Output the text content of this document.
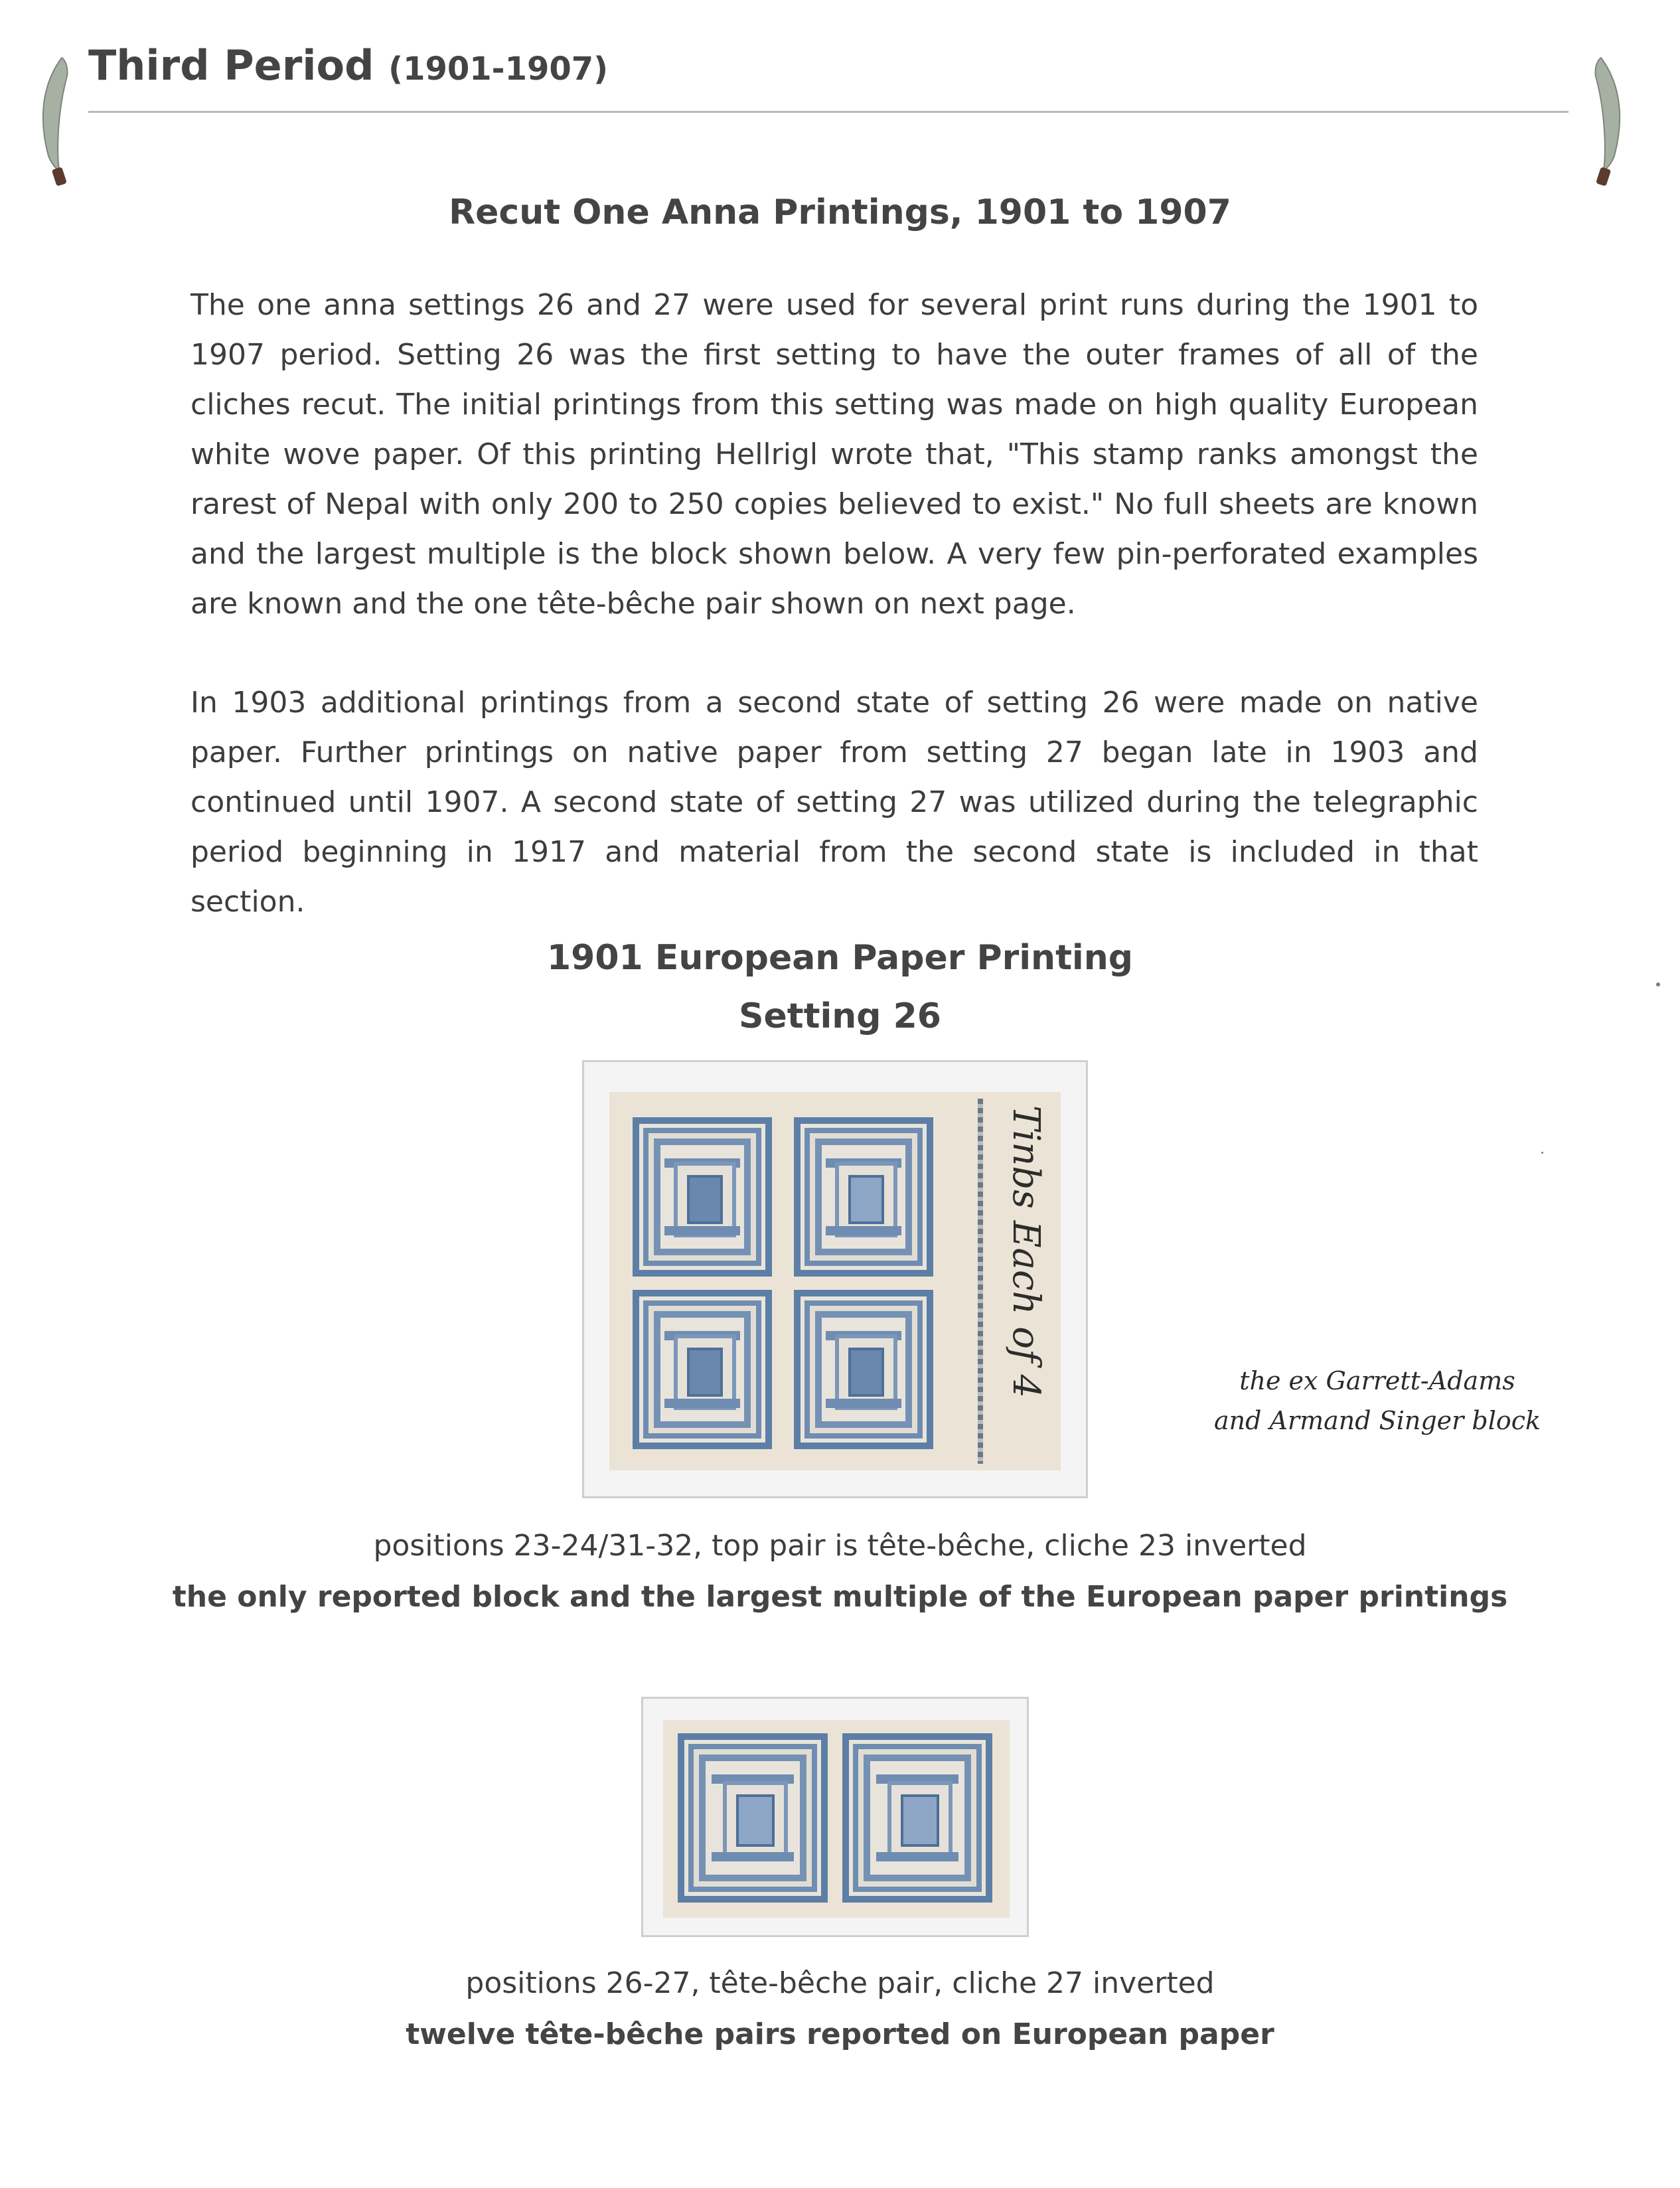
Third Period (1901-1907)
Recut One Anna Printings, 1901 to 1907

The one anna settings 26 and 27 were used for several print runs during the 1901 to 1907 period. Setting 26 was the first setting to have the outer frames of all of the cliches recut. The initial printings from this setting was made on high quality European white wove paper. Of this printing Hellrigl wrote that, "This stamp ranks amongst the rarest of Nepal with only 200 to 250 copies believed to exist." No full sheets are known and the largest multiple is the block shown below. A very few pin-perforated examples are known and the one tête-bêche pair shown on next page.

In 1903 additional printings from a second state of setting 26 were made on native paper. Further printings on native paper from setting 27 began late in 1903 and continued until 1907. A second state of setting 27 was utilized during the telegraphic period beginning in 1917 and material from the second state is included in that section.

1901 European Paper Printing
Setting 26
Tinbs Each of 4	the ex Garrett-Adams
and Armand Singer block
positions 23-24/31-32, top pair is tête-bêche, cliche 23 inverted
the only reported block and the largest multiple of the European paper printings
positions 26-27, tête-bêche pair, cliche 27 inverted
twelve tête-bêche pairs reported on European paper
